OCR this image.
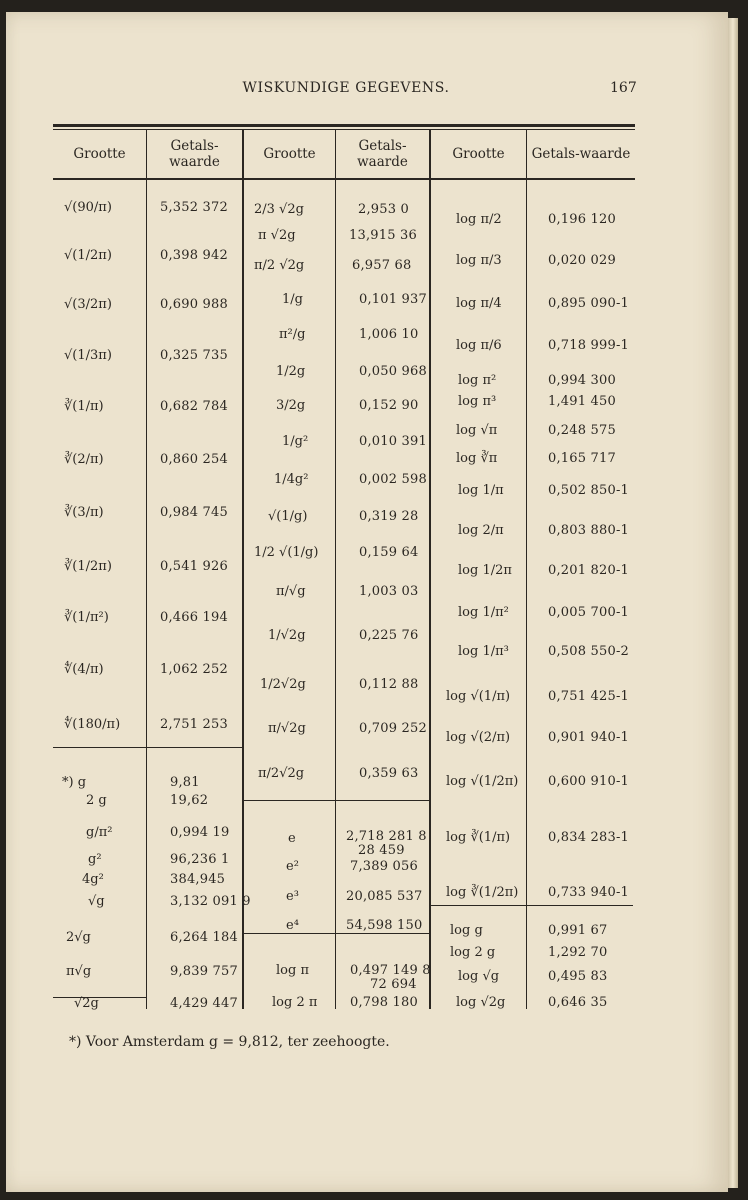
WISKUNDIGE GEGEVENS.	167
Grootte	Getals-waarde	Grootte	Getals-waarde	Grootte	Getals-waarde
√(90/π)	5,352 372
√(1/2π)	0,398 942
√(3/2π)	0,690 988
√(1/3π)	0,325 735
∛(1/π)	0,682 784
∛(2/π)	0,860 254
∛(3/π)	0,984 745
∛(1/2π)	0,541 926
∛(1/π²)	0,466 194
∜(4/π)	1,062 252
∜(180/π)	2,751 253
*) g	9,81
2 g	19,62
g/π²	0,994 19
g²	96,236 1
4g²	384,945
√g	3,132 091 9
2√g	6,264 184
π√g	9,839 757
√2g	4,429 447
2/3 √2g	2,953 0
π √2g	13,915 36
π/2 √2g	6,957 68
1/g	0,101 937
π²/g	1,006 10
1/2g	0,050 968
3/2g	0,152 90
1/g²	0,010 391
1/4g²	0,002 598
√(1/g)	0,319 28
1/2 √(1/g)	0,159 64
π/√g	1,003 03
1/√2g	0,225 76
1/2√2g	0,112 88
π/√2g	0,709 252
π/2√2g	0,359 63
e	2,718 281 8
28 459
e²	7,389 056
e³	20,085 537
e⁴	54,598 150
log π	0,497 149 8
72 694
log 2 π	0,798 180
log π/2	0,196 120
log π/3	0,020 029
log π/4	0,895 090-1
log π/6	0,718 999-1
log π²	0,994 300
log π³	1,491 450
log √π	0,248 575
log ∛π	0,165 717
log 1/π	0,502 850-1
log 2/π	0,803 880-1
log 1/2π	0,201 820-1
log 1/π²	0,005 700-1
log 1/π³	0,508 550-2
log √(1/π)	0,751 425-1
log √(2/π)	0,901 940-1
log √(1/2π) 0,600 910-1
log ∛(1/π)	0,834 283-1
log ∛(1/2π) 0,733 940-1
log g	0,991 67
log 2 g	1,292 70
log √g	0,495 83
log √2g	0,646 35
*) Voor Amsterdam g = 9,812, ter zeehoogte.
